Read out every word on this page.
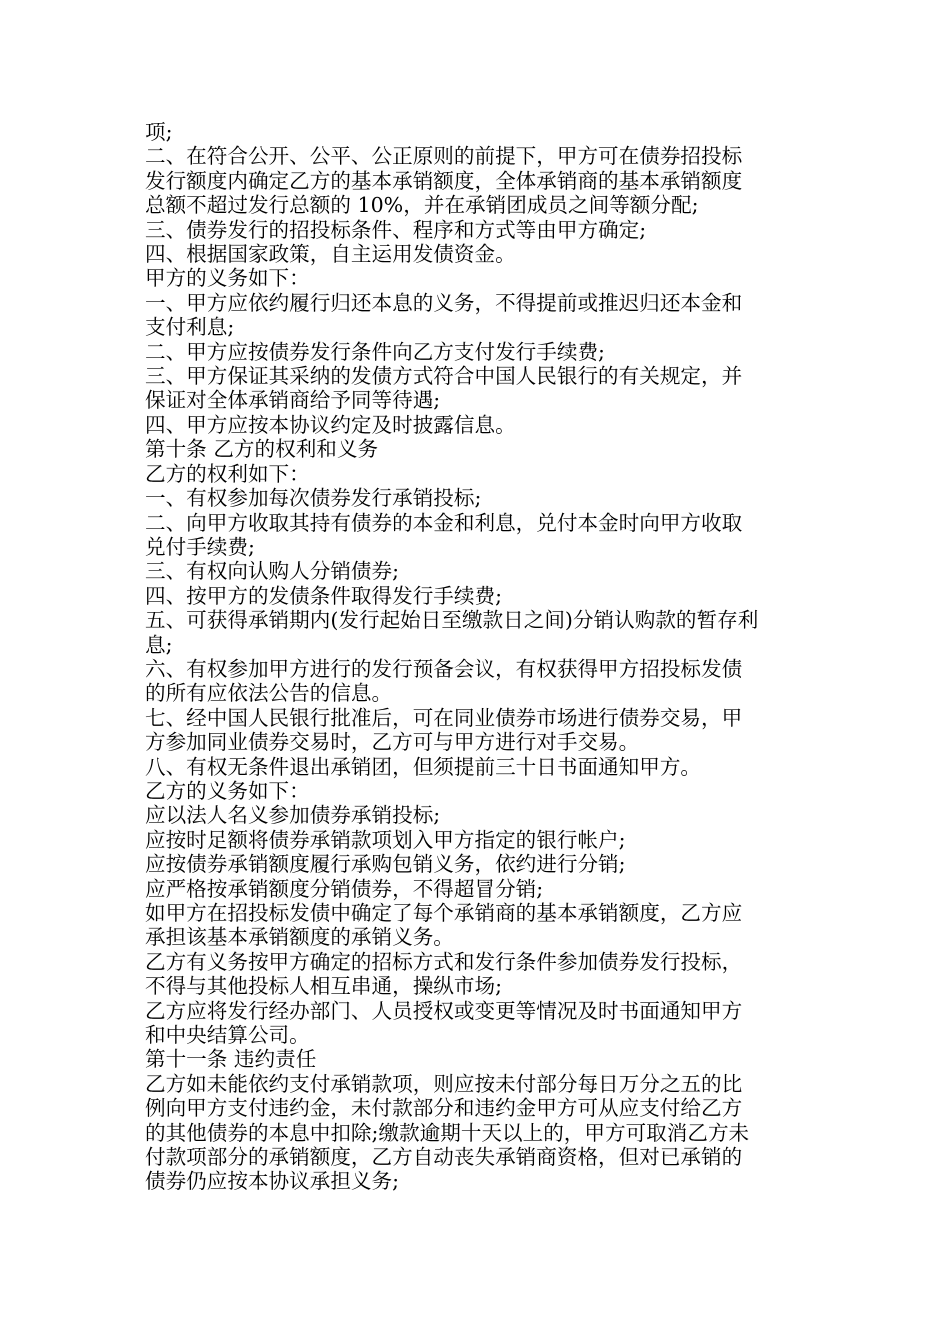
项;

二、在符合公开、公平、公正原则的前提下，甲方可在债券招投标

发行额度内确定乙方的基本承销额度，全体承销商的基本承销额度

总额不超过发行总额的 10%，并在承销团成员之间等额分配;

三、债券发行的招投标条件、程序和方式等由甲方确定;

四、根据国家政策，自主运用发债资金。

甲方的义务如下：

一、甲方应依约履行归还本息的义务，不得提前或推迟归还本金和

支付利息;

二、甲方应按债券发行条件向乙方支付发行手续费;

三、甲方保证其采纳的发债方式符合中国人民银行的有关规定，并

保证对全体承销商给予同等待遇;

四、甲方应按本协议约定及时披露信息。

第十条 乙方的权利和义务

乙方的权利如下：

一、有权参加每次债券发行承销投标;

二、向甲方收取其持有债券的本金和利息，兑付本金时向甲方收取

兑付手续费;

三、有权向认购人分销债券;

四、按甲方的发债条件取得发行手续费;

五、可获得承销期内(发行起始日至缴款日之间)分销认购款的暂存利

息;

六、有权参加甲方进行的发行预备会议，有权获得甲方招投标发债

的所有应依法公告的信息。

七、经中国人民银行批准后，可在同业债券市场进行债券交易，甲

方参加同业债券交易时，乙方可与甲方进行对手交易。

八、有权无条件退出承销团，但须提前三十日书面通知甲方。

乙方的义务如下：

应以法人名义参加债券承销投标;

应按时足额将债券承销款项划入甲方指定的银行帐户;

应按债券承销额度履行承购包销义务，依约进行分销;

应严格按承销额度分销债券，不得超冒分销;

如甲方在招投标发债中确定了每个承销商的基本承销额度，乙方应

承担该基本承销额度的承销义务。

乙方有义务按甲方确定的招标方式和发行条件参加债券发行投标，

不得与其他投标人相互串通，操纵市场;

乙方应将发行经办部门、人员授权或变更等情况及时书面通知甲方

和中央结算公司。

第十一条 违约责任

乙方如未能依约支付承销款项，则应按未付部分每日万分之五的比

例向甲方支付违约金，未付款部分和违约金甲方可从应支付给乙方

的其他债券的本息中扣除;缴款逾期十天以上的，甲方可取消乙方未

付款项部分的承销额度，乙方自动丧失承销商资格，但对已承销的

债券仍应按本协议承担义务;
